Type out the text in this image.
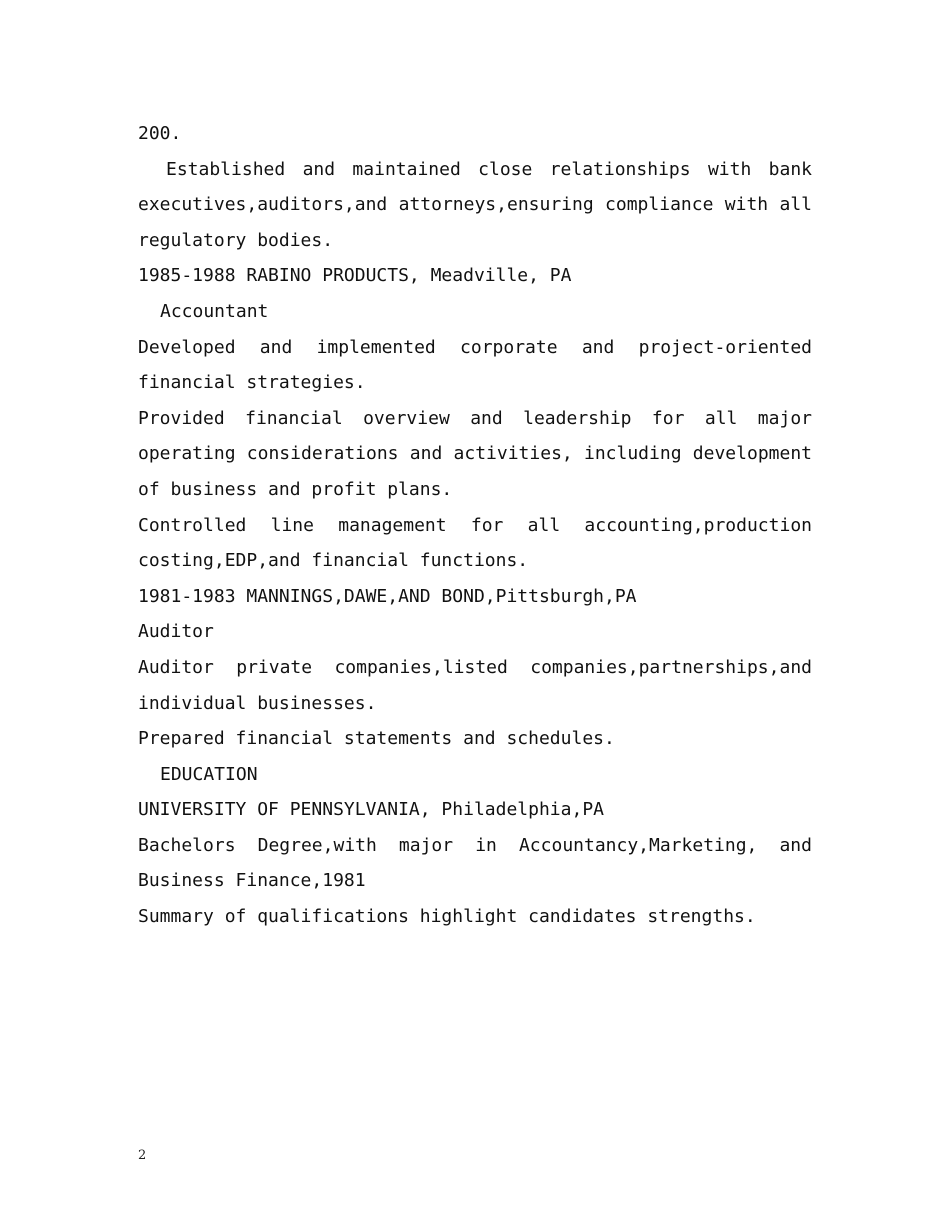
200.
Established and maintained close relationships with bank
executives,auditors,and attorneys,ensuring compliance with all
regulatory bodies.
1985-1988 RABINO PRODUCTS, Meadville, PA
Accountant
Developed and implemented corporate and project-oriented
financial strategies.
Provided financial overview and leadership for all major
operating considerations and activities, including development
of business and profit plans.
Controlled line management for all accounting,production
costing,EDP,and financial functions.
1981-1983 MANNINGS,DAWE,AND BOND,Pittsburgh,PA
Auditor
Auditor private companies,listed companies,partnerships,and
individual businesses.
Prepared financial statements and schedules.
EDUCATION
UNIVERSITY OF PENNSYLVANIA, Philadelphia,PA
Bachelors Degree,with major in Accountancy,Marketing, and
Business Finance,1981
Summary of qualifications highlight candidates strengths.
2
